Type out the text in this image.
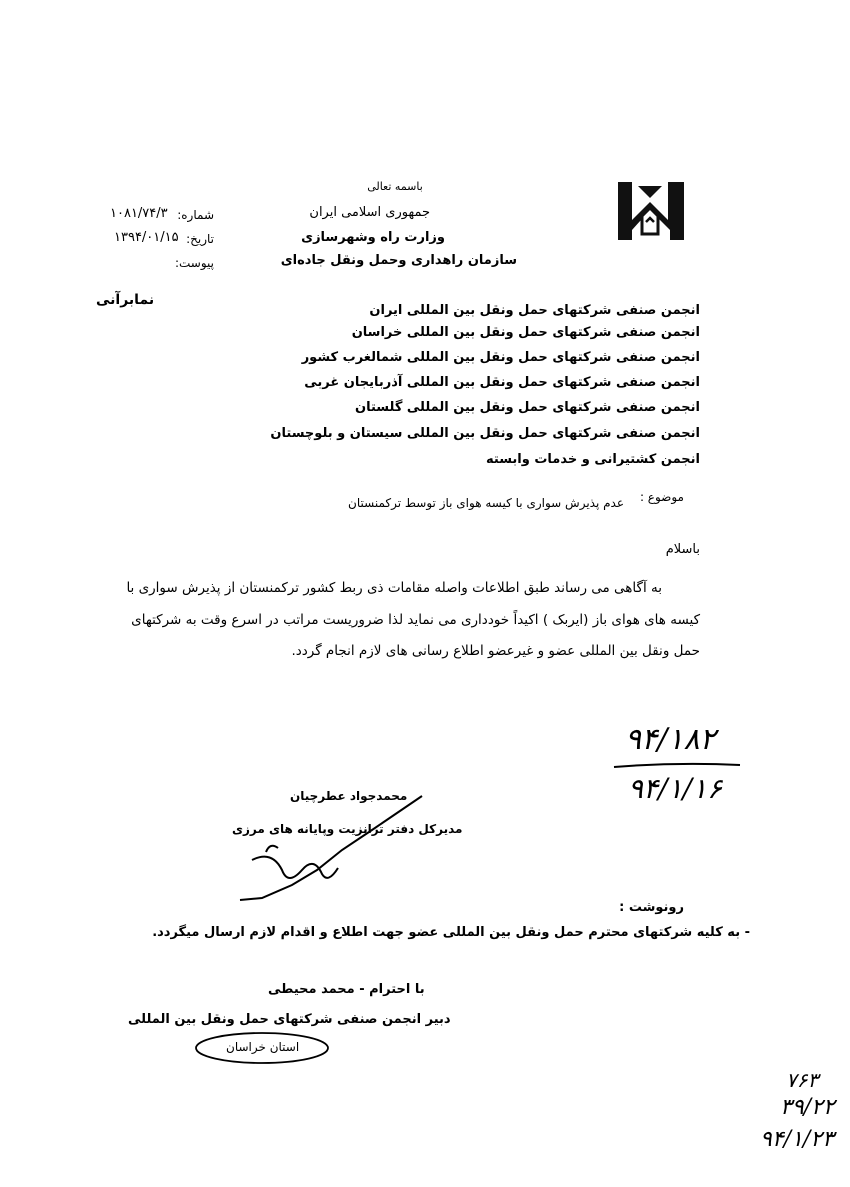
باسمه تعالی
جمهوری اسلامی ایران
وزارت راه وشهرسازی
سازمان راهداری وحمل ونقل جاده‌ای
شماره:
۱۰۸۱/۷۴/۳
تاریخ:
۱۳۹۴/۰۱/۱۵
پیوست:
نمابرآنی
انجمن صنفی شرکتهای حمل ونقل بین المللی ایران
انجمن صنفی شرکتهای حمل ونقل بین المللی خراسان
انجمن صنفی شرکتهای حمل ونقل بین المللی شمالغرب کشور
انجمن صنفی شرکتهای حمل ونقل بین المللی آذربایجان غربی
انجمن صنفی شرکتهای حمل ونقل بین المللی گلستان
انجمن صنفی شرکتهای حمل ونقل بین المللی سیستان و بلوچستان
انجمن کشتیرانی و خدمات وابسته
موضوع :
عدم پذیرش سواری با کیسه هوای باز توسط ترکمنستان
باسلام
به آگاهی می رساند طبق اطلاعات واصله مقامات ذی ربط کشور ترکمنستان از پذیرش سواری با
کیسه های هوای باز (ایربک ) اکیداً خودداری می نماید لذا ضروریست مراتب در اسرع وقت به شرکتهای
حمل ونقل بین المللی عضو و غیرعضو اطلاع رسانی های لازم انجام گردد.
۹۴/۱۸۲
۹۴/۱/۱۶
محمدجواد عطرچیان
مدیرکل دفتر ترانزیت وپایانه های مرزی
رونوشت :
- به کلیه شرکتهای محترم حمل ونقل بین المللی عضو جهت اطلاع و اقدام لازم ارسال میگردد.
با احترام - محمد محیطی
دبیر انجمن صنفی شرکتهای حمل ونقل بین المللی
استان خراسان
۷۶۳
۳۹/۲۲
۹۴/۱/۲۳
